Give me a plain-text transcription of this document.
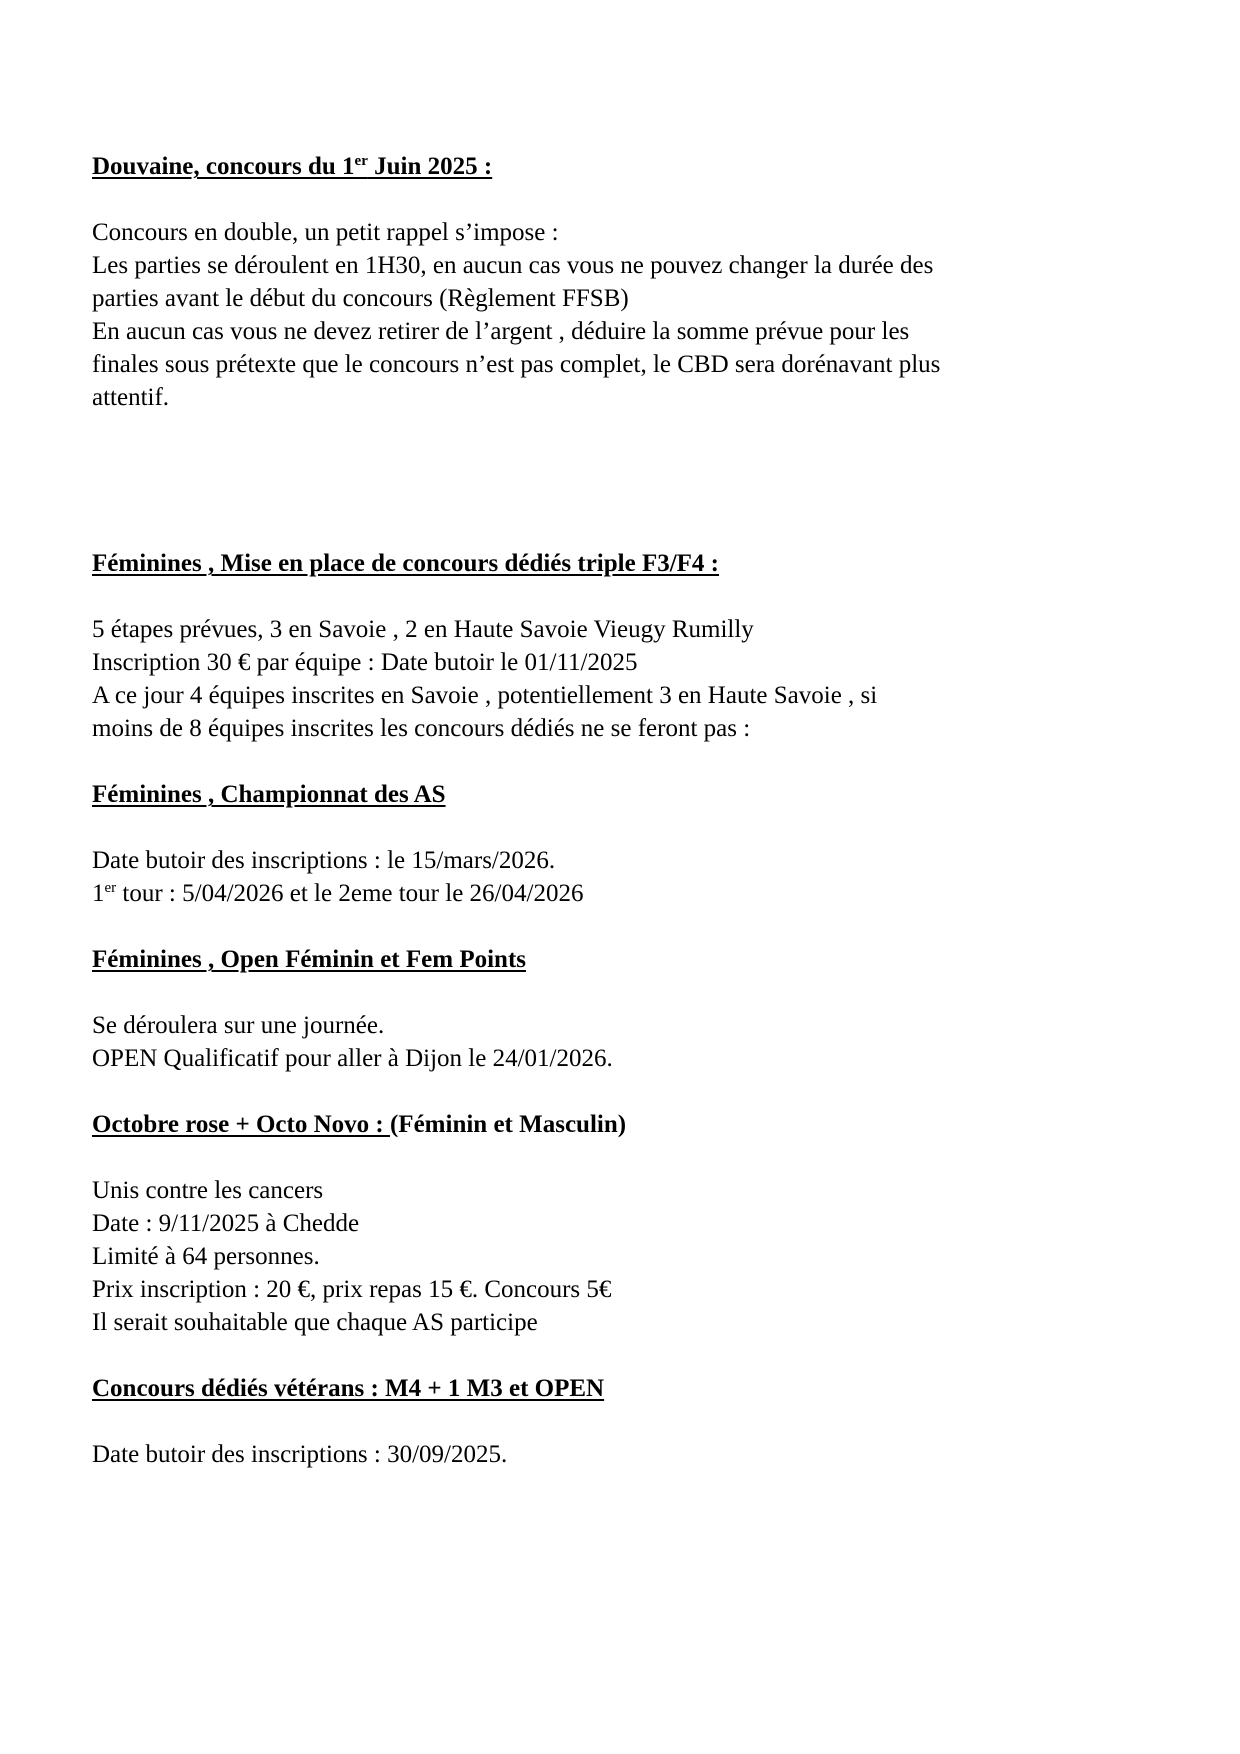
Douvaine, concours du 1er Juin 2025 :
Concours en double, un petit rappel s’impose :
Les parties se déroulent en 1H30, en aucun cas vous ne pouvez changer la durée des
parties avant le début du concours (Règlement FFSB)
En aucun cas vous ne devez retirer de l’argent , déduire la somme prévue pour les
finales sous prétexte que le concours n’est pas complet, le CBD sera dorénavant plus
attentif.
Féminines , Mise en place de concours dédiés triple F3/F4 :
5 étapes prévues, 3 en Savoie , 2 en Haute Savoie Vieugy Rumilly
Inscription 30 € par équipe : Date butoir le 01/11/2025
A ce jour 4 équipes inscrites en Savoie , potentiellement 3 en Haute Savoie , si
moins de 8 équipes inscrites les concours dédiés ne se feront pas :
Féminines , Championnat des AS
Date butoir des inscriptions : le 15/mars/2026.
1er tour : 5/04/2026 et le 2eme tour le 26/04/2026
Féminines , Open Féminin et Fem Points
Se déroulera sur une journée.
OPEN Qualificatif pour aller à Dijon le 24/01/2026.
Octobre rose + Octo Novo : (Féminin et Masculin)
Unis contre les cancers
Date : 9/11/2025 à Chedde
Limité à 64 personnes.
Prix inscription : 20 €, prix repas 15 €. Concours 5€
Il serait souhaitable que chaque AS participe
Concours dédiés vétérans : M4 + 1 M3 et OPEN
Date butoir des inscriptions : 30/09/2025.
